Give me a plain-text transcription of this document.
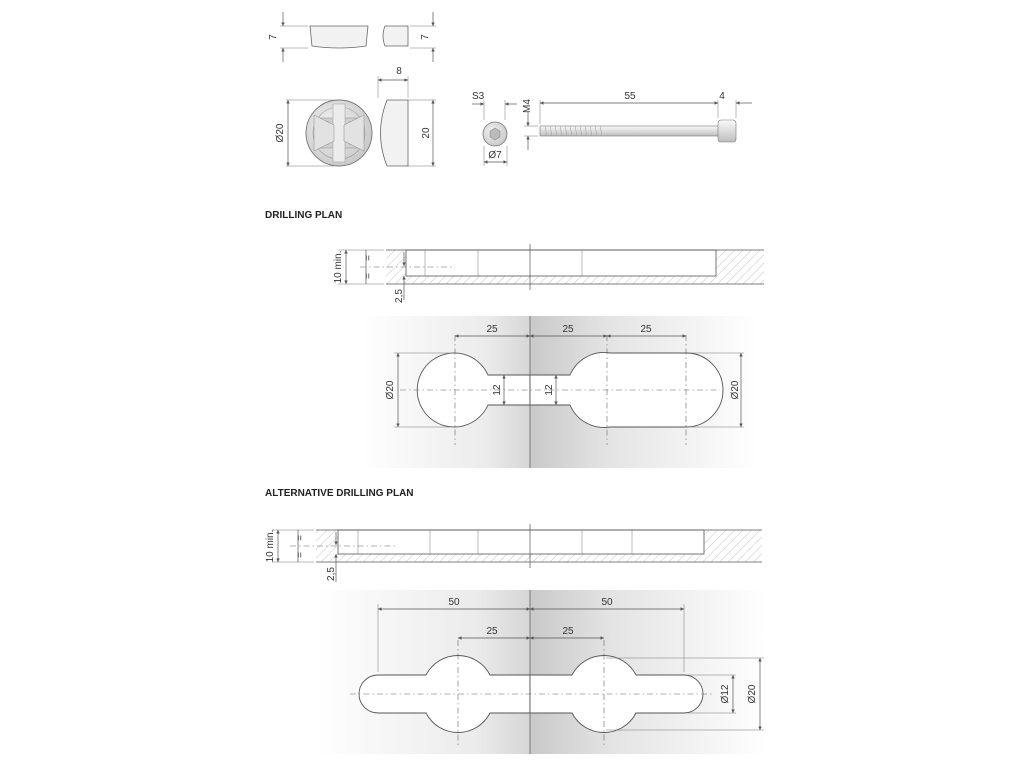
7	7
Ø20
8
20
S3
Ø7
55	4
M4
DRILLING PLAN
10 min. =
=
2,5
25	25	25
Ø20	Ø20
12	12
ALTERNATIVE DRILLING PLAN
10 min. =
=
2,5
50	50
25	25
Ø12 Ø20
